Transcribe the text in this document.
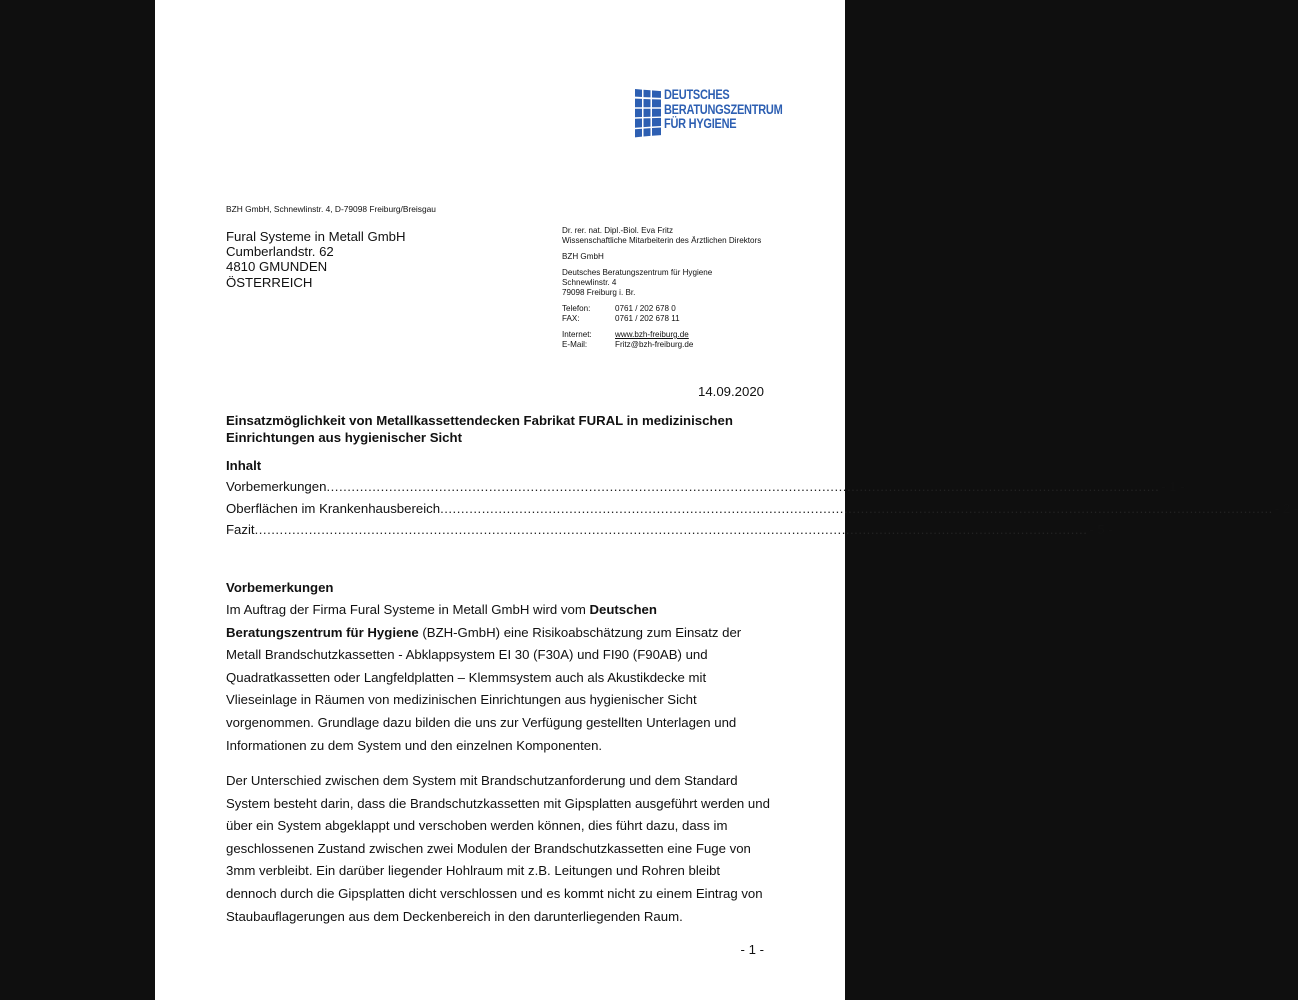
DEUTSCHES
BERATUNGSZENTRUM
FÜR HYGIENE
BZH GmbH, Schnewlinstr. 4, D-79098 Freiburg/Breisgau
Fural Systeme in Metall GmbH
Cumberlandstr. 62
4810 GMUNDEN
ÖSTERREICH
Dr. rer. nat. Dipl.-Biol. Eva Fritz
Wissenschaftliche Mitarbeiterin des Ärztlichen Direktors
BZH GmbH
Deutsches Beratungszentrum für Hygiene
Schnewlinstr. 4
79098 Freiburg i. Br.
Telefon:	0761 / 202 678 0
FAX:	0761 / 202 678 11
Internet:	www.bzh-freiburg.de
E-Mail:	Fritz@bzh-freiburg.de
14.09.2020
Einsatzmöglichkeit von Metallkassettendecken Fabrikat FURAL in medizinischen Einrichtungen aus hygienischer Sicht
Inhalt
Vorbemerkungen ........................................................................................................................................................................................................ - 1 -
Oberflächen im Krankenhausbereich ........................................................................................................................................................................................................ - 2 -
Fazit ........................................................................................................................................................................................................ - 5 -
Vorbemerkungen
Im Auftrag der Firma Fural Systeme in Metall GmbH wird vom Deutschen Beratungszentrum für Hygiene (BZH-GmbH) eine Risikoabschätzung zum Einsatz der Metall Brandschutzkassetten - Abklappsystem EI 30 (F30A) und FI90 (F90AB) und Quadratkassetten oder Langfeldplatten – Klemmsystem auch als Akustikdecke mit Vlieseinlage in Räumen von medizinischen Einrichtungen aus hygienischer Sicht vorgenommen. Grundlage dazu bilden die uns zur Verfügung gestellten Unterlagen und Informationen zu dem System und den einzelnen Komponenten.
Der Unterschied zwischen dem System mit Brandschutzanforderung und dem Standard System besteht darin, dass die Brandschutzkassetten mit Gipsplatten ausgeführt werden und über ein System abgeklappt und verschoben werden können, dies führt dazu, dass im geschlossenen Zustand zwischen zwei Modulen der Brandschutzkassetten eine Fuge von 3mm verbleibt. Ein darüber liegender Hohlraum mit z.B. Leitungen und Rohren bleibt dennoch durch die Gipsplatten dicht verschlossen und es kommt nicht zu einem Eintrag von Staubauflagerungen aus dem Deckenbereich in den darunterliegenden Raum.
- 1 -
